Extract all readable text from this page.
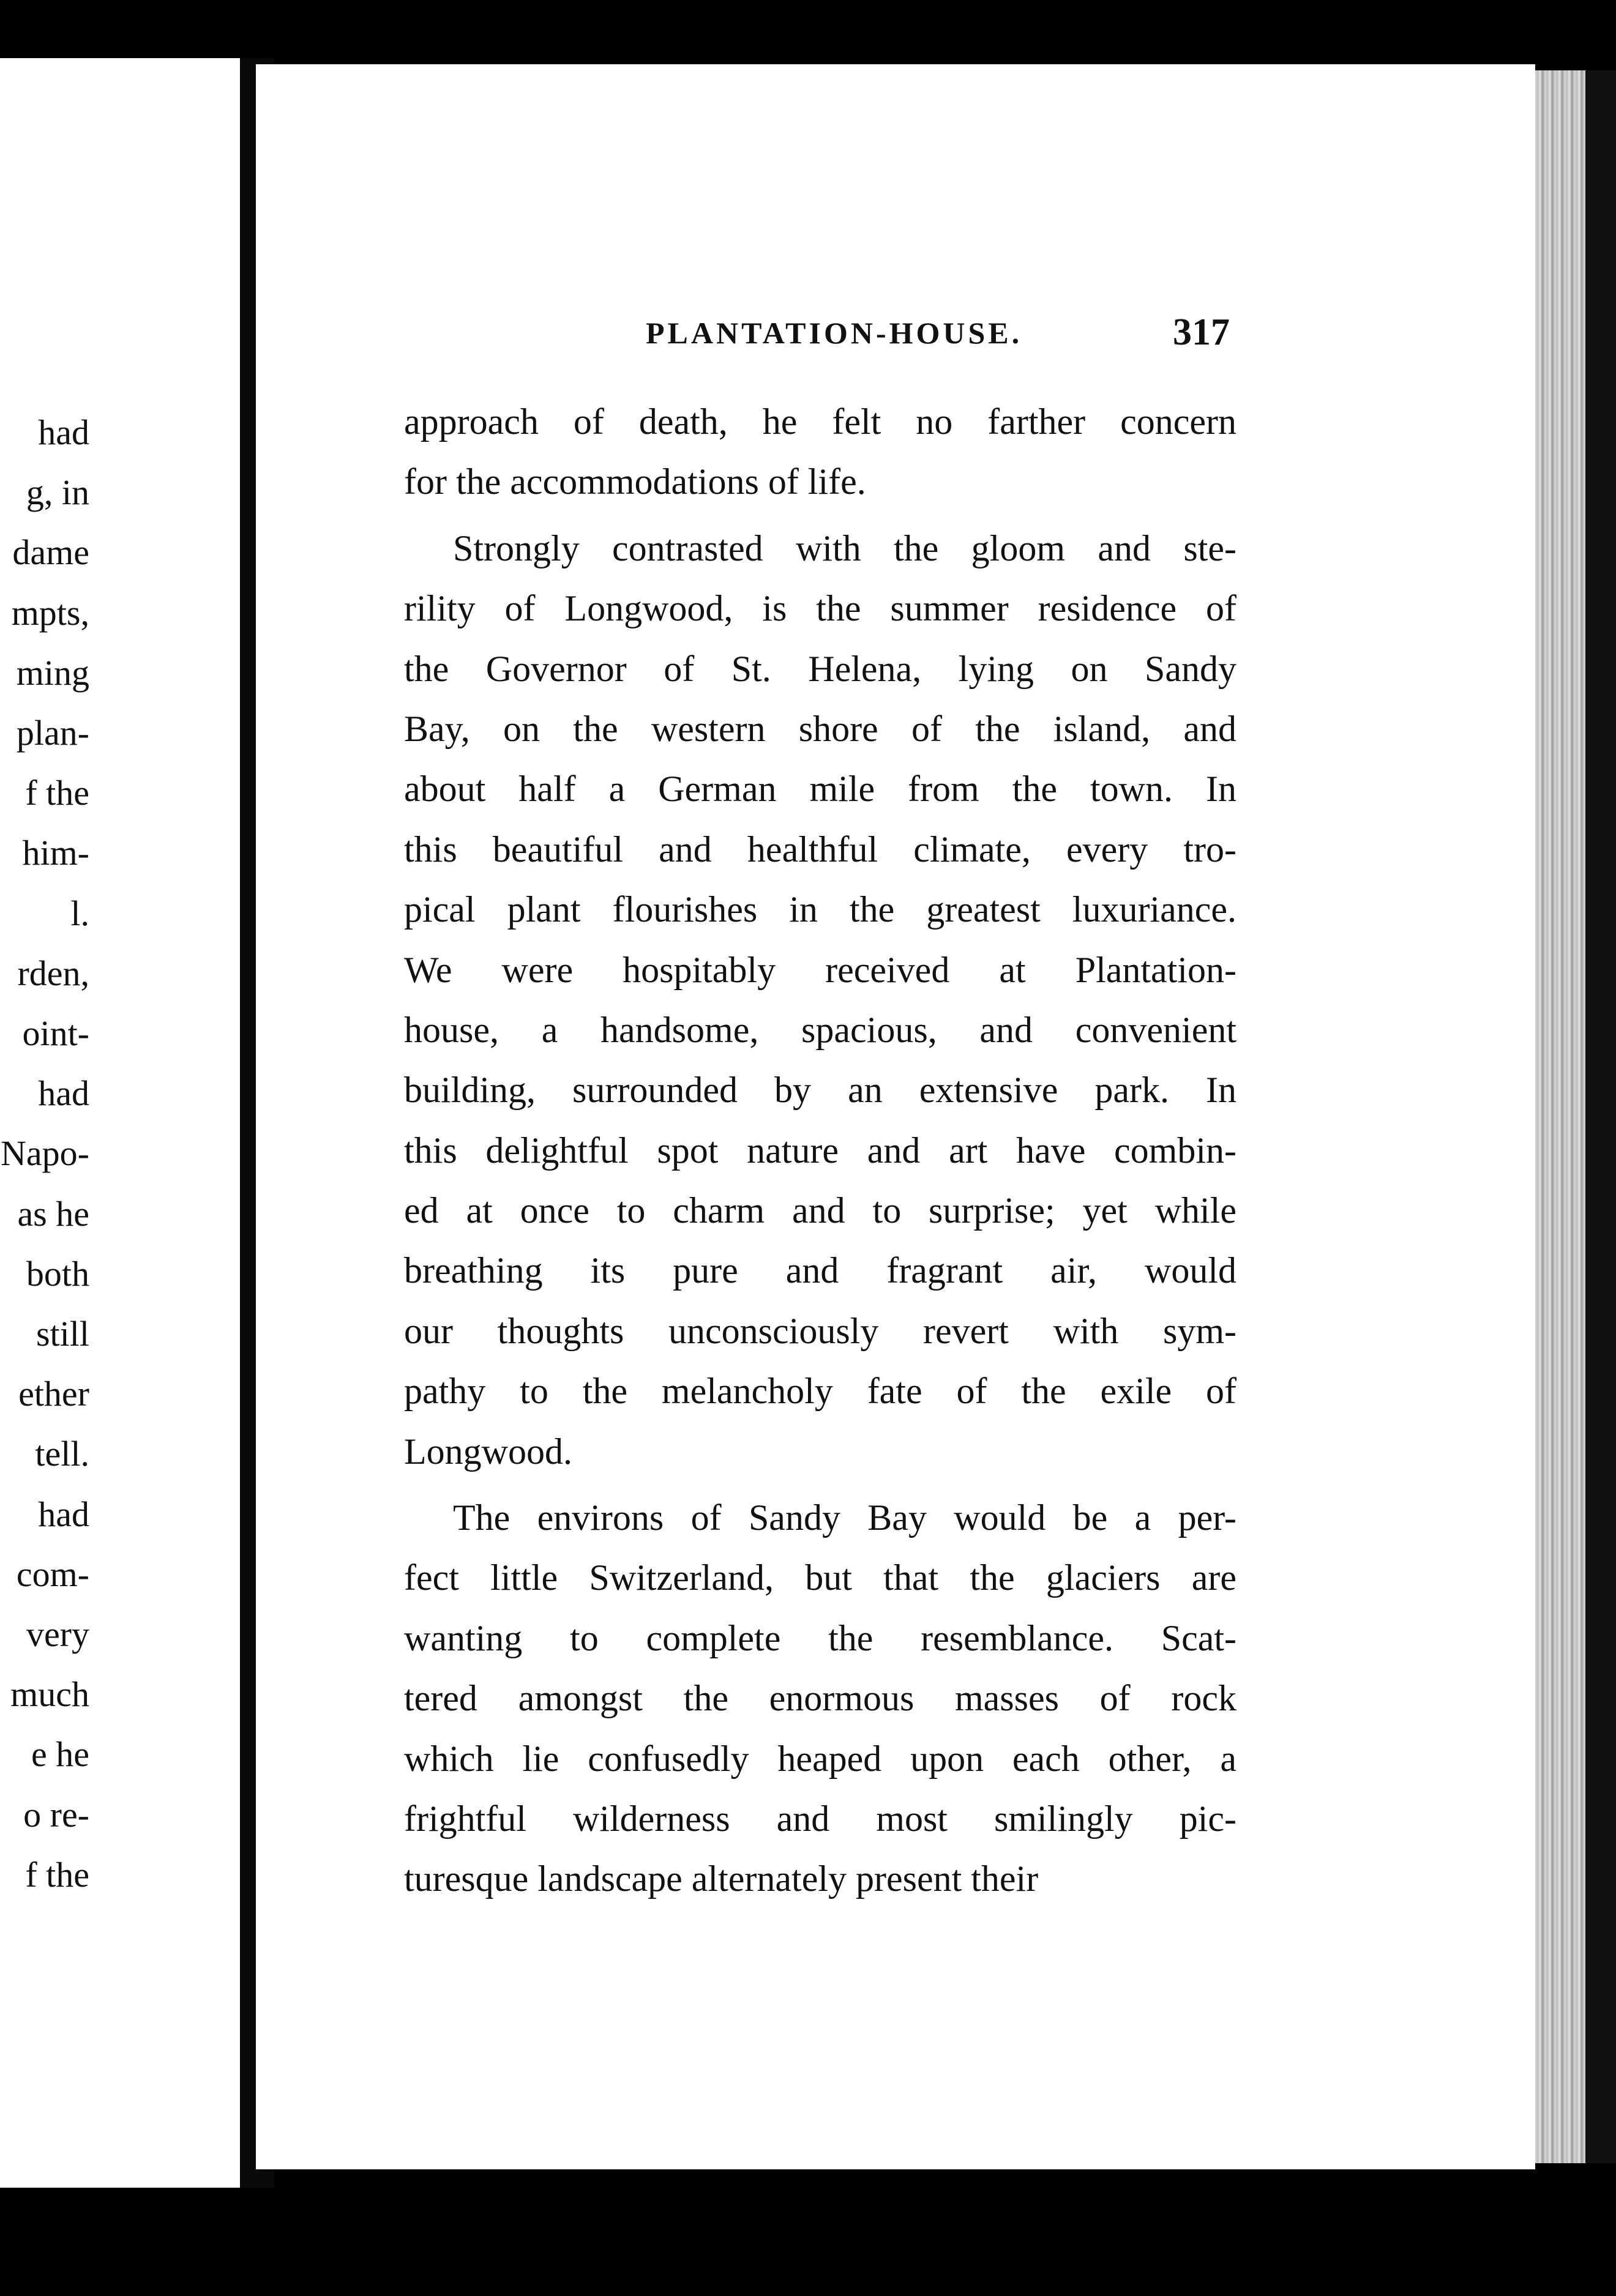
had
g, in
dame
mpts,
ming
plan-
f the
him-
l.
rden,
oint-
had
Napo-
as he
both
still
ether
tell.
had
com-
very
much
e he
o re-
f the
PLANTATION-HOUSE.	317
approach of death, he felt no farther concern
for the accommodations of life.
Strongly contrasted with the gloom and ste-
rility of Longwood, is the summer residence of
the Governor of St. Helena, lying on Sandy
Bay, on the western shore of the island, and
about half a German mile from the town. In
this beautiful and healthful climate, every tro-
pical plant flourishes in the greatest luxuriance.
We were hospitably received at Plantation-
house, a handsome, spacious, and convenient
building, surrounded by an extensive park. In
this delightful spot nature and art have combin-
ed at once to charm and to surprise; yet while
breathing its pure and fragrant air, would
our thoughts unconsciously revert with sym-
pathy to the melancholy fate of the exile of
Longwood.
The environs of Sandy Bay would be a per-
fect little Switzerland, but that the glaciers are
wanting to complete the resemblance. Scat-
tered amongst the enormous masses of rock
which lie confusedly heaped upon each other, a
frightful wilderness and most smilingly pic-
turesque landscape alternately present their
